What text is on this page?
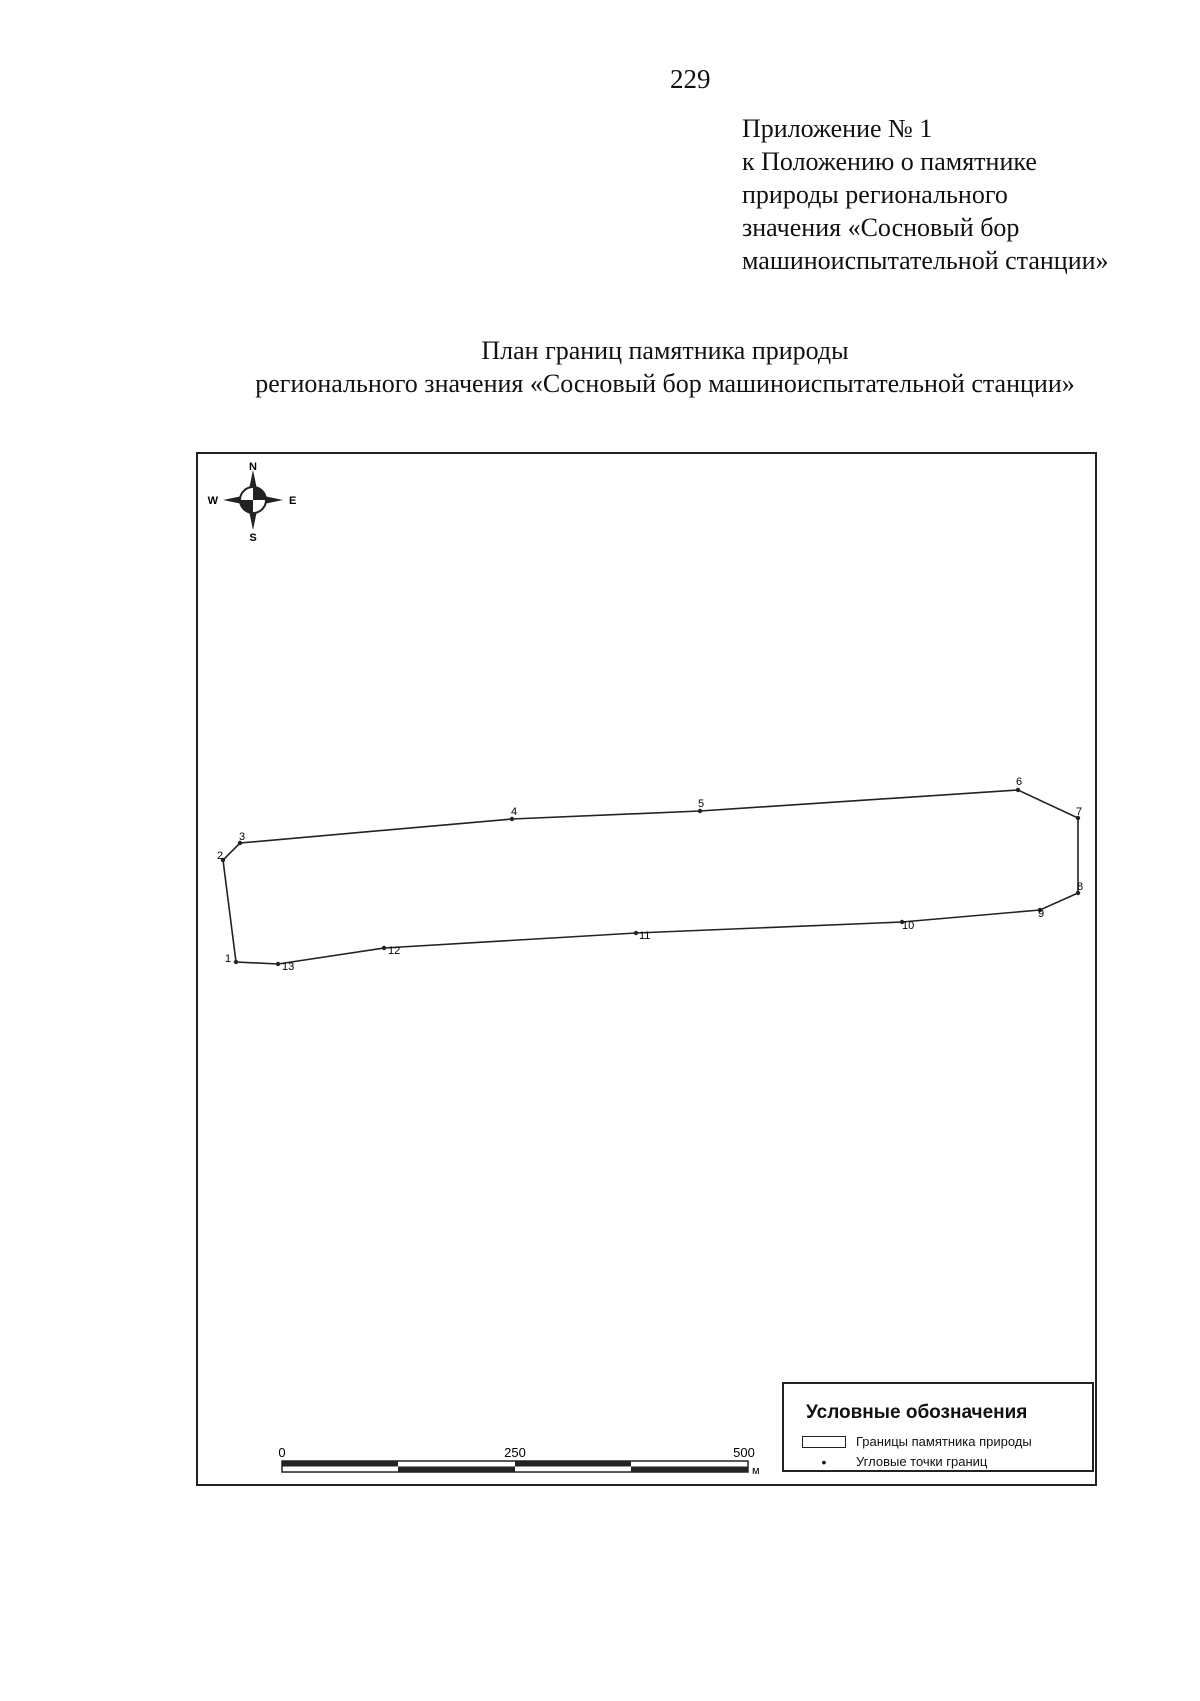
229
Приложение № 1
к Положению о памятнике
природы регионального
значения «Сосновый бор
машиноиспытательной станции»
План границ памятника природы
регионального значения «Сосновый бор машиноиспытательной станции»
N
S
W	E
1
2
3
4
5
6
7
8
9
10
11
12
13
0	250	500
м
Условные обозначения
Границы памятника природы
•	Угловые точки границ
